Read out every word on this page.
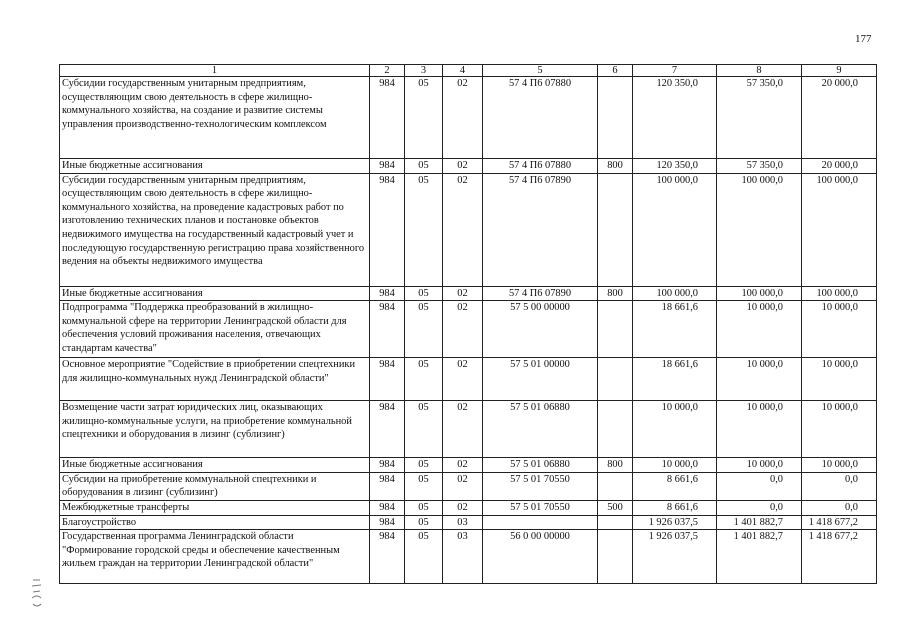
177
1	2	3	4	5	6	7	8	9
Субсидии государственным унитарным предприятиям, осуществляющим свою деятельность в сфере жилищно-коммунального хозяйства, на создание и развитие системы управления производственно-технологическим комплексом	984	05	02	57 4 П6 07880		120 350,0	57 350,0	20 000,0
Иные бюджетные ассигнования	984	05	02	57 4 П6 07880	800	120 350,0	57 350,0	20 000,0
Субсидии государственным унитарным предприятиям, осуществляющим свою деятельность в сфере жилищно-коммунального хозяйства, на проведение кадастровых работ по изготовлению технических планов и постановке объектов недвижимого имущества на государственный кадастровый учет и последующую государственную регистрацию права хозяйственного ведения на объекты недвижимого имущества	984	05	02	57 4 П6 07890		100 000,0	100 000,0	100 000,0
Иные бюджетные ассигнования	984	05	02	57 4 П6 07890	800	100 000,0	100 000,0	100 000,0
Подпрограмма "Поддержка преобразований в жилищно-коммунальной сфере на территории Ленинградской области для обеспечения условий проживания населения, отвечающих стандартам качества"	984	05	02	57 5 00 00000		18 661,6	10 000,0	10 000,0
Основное мероприятие "Содействие в приобретении спецтехники для жилищно-коммунальных нужд Ленинградской области"	984	05	02	57 5 01 00000		18 661,6	10 000,0	10 000,0
Возмещение части затрат юридических лиц, оказывающих жилищно-коммунальные услуги, на приобретение коммунальной спецтехники и оборудования в лизинг (сублизинг)	984	05	02	57 5 01 06880		10 000,0	10 000,0	10 000,0
Иные бюджетные ассигнования	984	05	02	57 5 01 06880	800	10 000,0	10 000,0	10 000,0
Субсидии на приобретение коммунальной спецтехники и оборудования в лизинг (сублизинг)	984	05	02	57 5 01 70550		8 661,6	0,0	0,0
Межбюджетные трансферты	984	05	02	57 5 01 70550	500	8 661,6	0,0	0,0
Благоустройство	984	05	03			1 926 037,5	1 401 882,7	1 418 677,2
Государственная программа Ленинградской области "Формирование городской среды и обеспечение качественным жильем граждан на территории Ленинградской области"	984	05	03	56 0 00 00000		1 926 037,5	1 401 882,7	1 418 677,2
